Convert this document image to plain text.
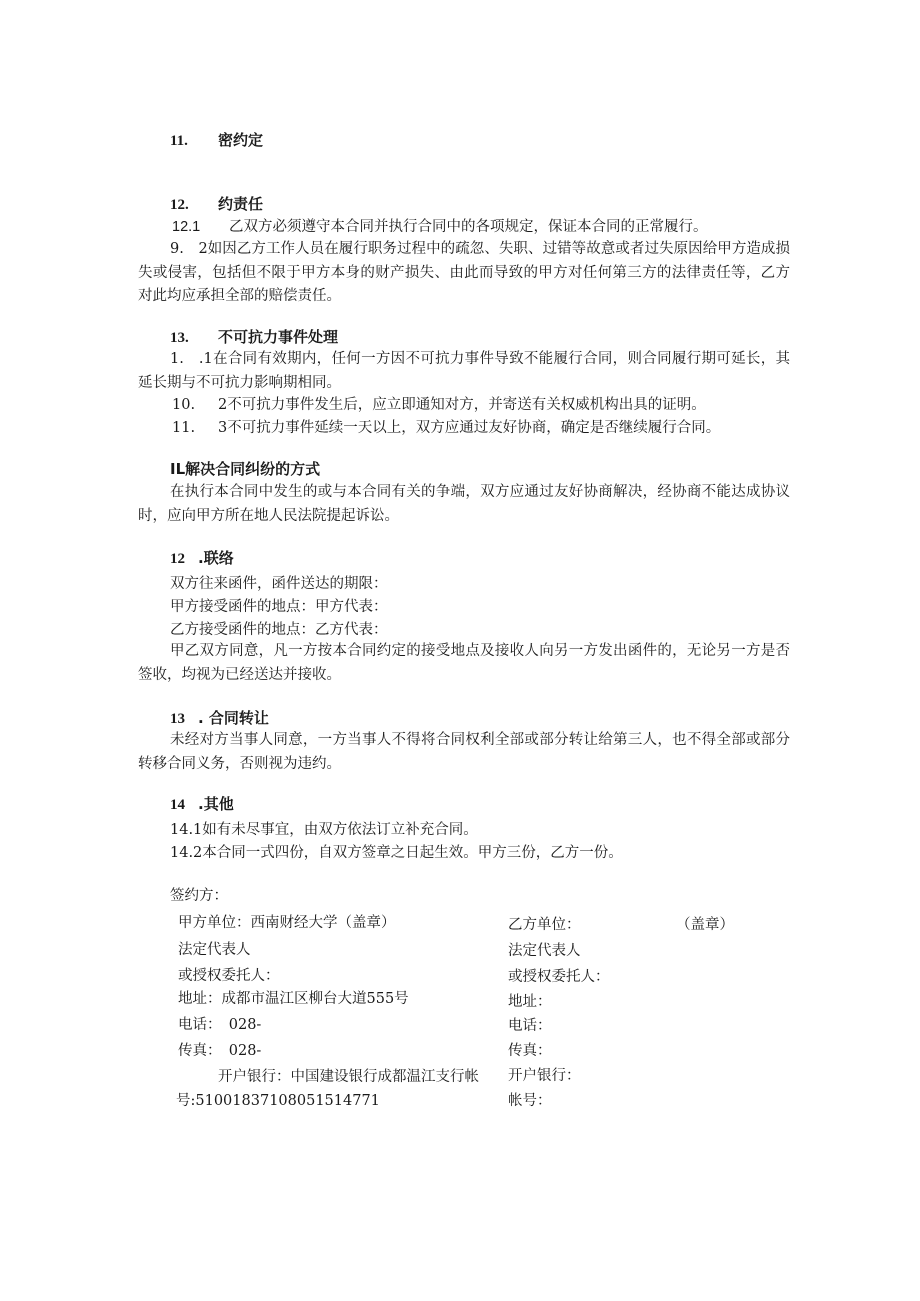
11. 密约定
12. 约责任
12.1 乙双方必须遵守本合同并执行合同中的各项规定，保证本合同的正常履行。
9.　2如因乙方工作人员在履行职务过程中的疏忽、失职、过错等故意或者过失原因给甲方造成损失或侵害，包括但不限于甲方本身的财产损失、由此而导致的甲方对任何第三方的法律责任等，乙方对此均应承担全部的赔偿责任。
13. 不可抗力事件处理
1.　.1在合同有效期内，任何一方因不可抗力事件导致不能履行合同，则合同履行期可延长，其延长期与不可抗力影响期相同。
10. 2不可抗力事件发生后，应立即通知对方，并寄送有关权威机构出具的证明。
11. 3不可抗力事件延续一天以上，双方应通过友好协商，确定是否继续履行合同。
IL解决合同纠纷的方式
在执行本合同中发生的或与本合同有关的争端，双方应通过友好协商解决，经协商不能达成协议时，应向甲方所在地人民法院提起诉讼。
12 .联络
双方往来函件，函件送达的期限：
甲方接受函件的地点：甲方代表：
乙方接受函件的地点：乙方代表：
甲乙双方同意，凡一方按本合同约定的接受地点及接收人向另一方发出函件的，无论另一方是否签收，均视为已经送达并接收。
13 . 合同转让
未经对方当事人同意，一方当事人不得将合同权利全部或部分转让给第三人，也不得全部或部分转移合同义务，否则视为违约。
14 .其他
14.1如有未尽事宜，由双方依法订立补充合同。
14.2本合同一式四份，自双方签章之日起生效。甲方三份，乙方一份。
签约方：
甲方单位：西南财经大学（盖章）
法定代表人
或授权委托人：
地址：成都市温江区柳台大道555号
电话：　028-
传真：　028-
开户银行：中国建设银行成都温江支行帐
号:51001837108051514771
乙方单位：	（盖章）
法定代表人
或授权委托人：
地址：
电话：
传真：
开户银行：
帐号：
